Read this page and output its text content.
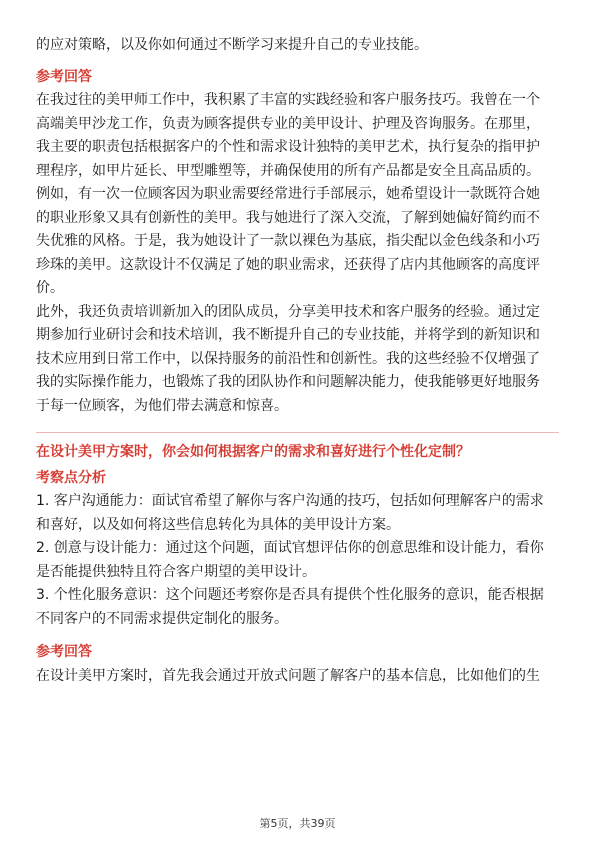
的应对策略，以及你如何通过不断学习来提升自己的专业技能。

参考回答

在我过往的美甲师工作中，我积累了丰富的实践经验和客户服务技巧。我曾在一个
高端美甲沙龙工作，负责为顾客提供专业的美甲设计、护理及咨询服务。在那里，
我主要的职责包括根据客户的个性和需求设计独特的美甲艺术，执行复杂的指甲护
理程序，如甲片延长、甲型雕塑等，并确保使用的所有产品都是安全且高品质的。
例如，有一次一位顾客因为职业需要经常进行手部展示，她希望设计一款既符合她
的职业形象又具有创新性的美甲。我与她进行了深入交流，了解到她偏好简约而不
失优雅的风格。于是，我为她设计了一款以裸色为基底，指尖配以金色线条和小巧
珍珠的美甲。这款设计不仅满足了她的职业需求，还获得了店内其他顾客的高度评
价。

此外，我还负责培训新加入的团队成员，分享美甲技术和客户服务的经验。通过定
期参加行业研讨会和技术培训，我不断提升自己的专业技能，并将学到的新知识和
技术应用到日常工作中，以保持服务的前沿性和创新性。我的这些经验不仅增强了
我的实际操作能力，也锻炼了我的团队协作和问题解决能力，使我能够更好地服务
于每一位顾客，为他们带去满意和惊喜。

在设计美甲方案时，你会如何根据客户的需求和喜好进行个性化定制？

考察点分析

1. 客户沟通能力：面试官希望了解你与客户沟通的技巧，包括如何理解客户的需求
和喜好，以及如何将这些信息转化为具体的美甲设计方案。

2. 创意与设计能力：通过这个问题，面试官想评估你的创意思维和设计能力，看你
是否能提供独特且符合客户期望的美甲设计。

3. 个性化服务意识：这个问题还考察你是否具有提供个性化服务的意识，能否根据
不同客户的不同需求提供定制化的服务。

参考回答

在设计美甲方案时，首先我会通过开放式问题了解客户的基本信息，比如他们的生

第5页，共39页
